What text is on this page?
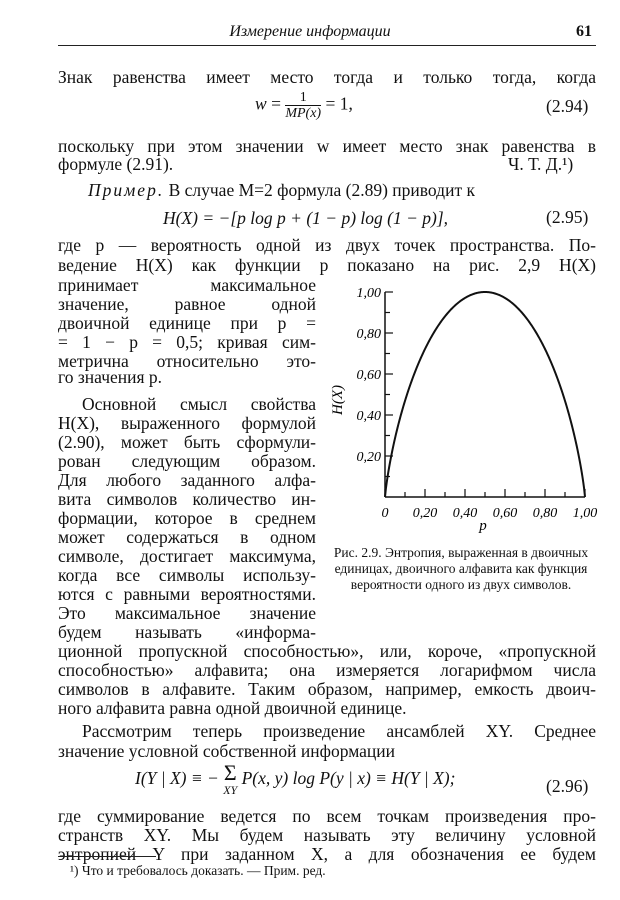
Измерение информации	61
Знак равенства имеет место тогда и только тогда, когда
$w = \frac{1}{MP(x)} = 1$,	(2.94)
поскольку при этом значении w имеет место знак равенства в
формуле (2.91).	Ч. Т. Д.¹)
Пример. В случае M=2 формула (2.89) приводит к
H(X) = −[p log p + (1 − p) log (1 − p)],	(2.95)
где p — вероятность одной из двух точек пространства. По-
ведение H(X) как функции p показано на рис. 2,9 H(X)
принимает максимальное
значение, равное одной
двоичной единице при p =
= 1 − p = 0,5; кривая сим-
метрична относительно это-
го значения p.
Основной смысл свойства
H(X), выраженного формулой
(2.90), может быть сформули-
рован следующим образом.
Для любого заданного алфа-
вита символов количество ин-
формации, которое в среднем
может содержаться в одном
символе, достигает максимума,
когда все символы использу-
ются с равными вероятностями.
Это максимальное значение
будем называть «информа-
ционной пропускной способностью», или, короче, «пропускной
способностью» алфавита; она измеряется логарифмом числа
символов в алфавите. Таким образом, например, емкость двоич-
ного алфавита равна одной двоичной единице.
Рассмотрим теперь произведение ансамблей XY. Среднее
значение условной собственной информации
I(Y | X) ≡ − Σ
XY
P(x, y) log P(y | x) ≡ H(Y | X);	(2.96)
где суммирование ведется по всем точкам произведения про-
странств XY. Мы будем называть эту величину условной
энтропией Y при заданном X, а для обозначения ее будем
¹) Что и требовалось доказать. — Прим. ред.
0,20
0,40
0,60
0,80
1,00
0 0,20 0,40 0,60 0,80 1,00
H(X)
p
Рис. 2.9. Энтропия, выраженная в двоичных единицах, двоичного алфавита как функция вероятности одного из двух символов.
